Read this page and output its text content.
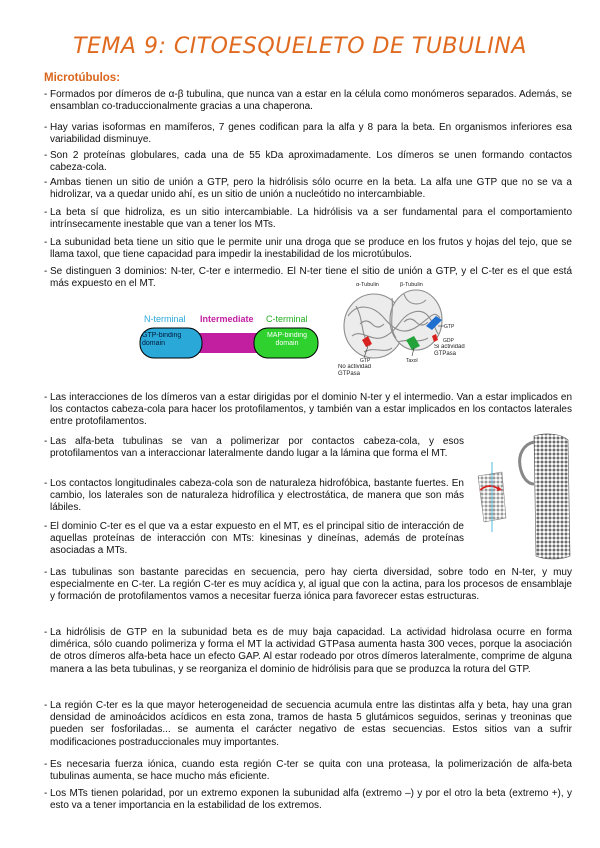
TEMA 9: CITOESQUELETO DE TUBULINA
Microtúbulos:
- Formados por dímeros de α-β tubulina, que nunca van a estar en la célula como monómeros separados. Además, se ensamblan co-traduccionalmente gracias a una chaperona.
- Hay varias isoformas en mamíferos, 7 genes codifican para la alfa y 8 para la beta. En organismos inferiores esa variabilidad disminuye.
- Son 2 proteínas globulares, cada una de 55 kDa aproximadamente. Los dímeros se unen formando contactos cabeza-cola.
- Ambas tienen un sitio de unión a GTP, pero la hidrólisis sólo ocurre en la beta. La alfa une GTP que no se va a hidrolizar, va a quedar unido ahí, es un sitio de unión a nucleótido no intercambiable.
- La beta sí que hidroliza, es un sitio intercambiable. La hidrólisis va a ser fundamental para el comportamiento intrínsecamente inestable que van a tener los MTs.
- La subunidad beta tiene un sitio que le permite unir una droga que se produce en los frutos y hojas del tejo, que se llama taxol, que tiene capacidad para impedir la inestabilidad de los microtúbulos.
- Se distinguen 3 dominios: N-ter, C-ter e intermedio. El N-ter tiene el sitio de unión a GTP, y el C-ter es el que está más expuesto en el MT.
N-terminal Intermediate C-terminal
GTP-binding domain
MAP-binding domain
α-Tubulin	β-Tubulin
GTP
GDP
GTP	Taxol
No actividad GTPasa
Si actividad GTPasa
- Las interacciones de los dímeros van a estar dirigidas por el dominio N-ter y el intermedio. Van a estar implicados en los contactos cabeza-cola para hacer los protofilamentos, y también van a estar implicados en los contactos laterales entre protofilamentos.
- Las alfa-beta tubulinas se van a polimerizar por contactos cabeza-cola, y esos protofilamentos van a interaccionar lateralmente dando lugar a la lámina que forma el MT.
- Los contactos longitudinales cabeza-cola son de naturaleza hidrofóbica, bastante fuertes. En cambio, los laterales son de naturaleza hidrofílica y electrostática, de manera que son más lábiles.
- El dominio C-ter es el que va a estar expuesto en el MT, es el principal sitio de interacción de aquellas proteínas de interacción con MTs: kinesinas y dineínas, además de proteínas asociadas a MTs.
- Las tubulinas son bastante parecidas en secuencia, pero hay cierta diversidad, sobre todo en N-ter, y muy especialmente en C-ter. La región C-ter es muy acídica y, al igual que con la actina, para los procesos de ensamblaje y formación de protofilamentos vamos a necesitar fuerza iónica para favorecer estas estructuras.
- La hidrólisis de GTP en la subunidad beta es de muy baja capacidad. La actividad hidrolasa ocurre en forma dimérica, sólo cuando polimeriza y forma el MT la actividad GTPasa aumenta hasta 300 veces, porque la asociación de otros dímeros alfa-beta hace un efecto GAP. Al estar rodeado por otros dímeros lateralmente, comprime de alguna manera a las beta tubulinas, y se reorganiza el dominio de hidrólisis para que se produzca la rotura del GTP.
- La región C-ter es la que mayor heterogeneidad de secuencia acumula entre las distintas alfa y beta, hay una gran densidad de aminoácidos acídicos en esta zona, tramos de hasta 5 glutámicos seguidos, serinas y treoninas que pueden ser fosforiladas... se aumenta el carácter negativo de estas secuencias. Estos sitios van a sufrir modificaciones postraduccionales muy importantes.
- Es necesaria fuerza iónica, cuando esta región C-ter se quita con una proteasa, la polimerización de alfa-beta tubulinas aumenta, se hace mucho más eficiente.
- Los MTs tienen polaridad, por un extremo exponen la subunidad alfa (extremo –) y por el otro la beta (extremo +), y esto va a tener importancia en la estabilidad de los extremos.
